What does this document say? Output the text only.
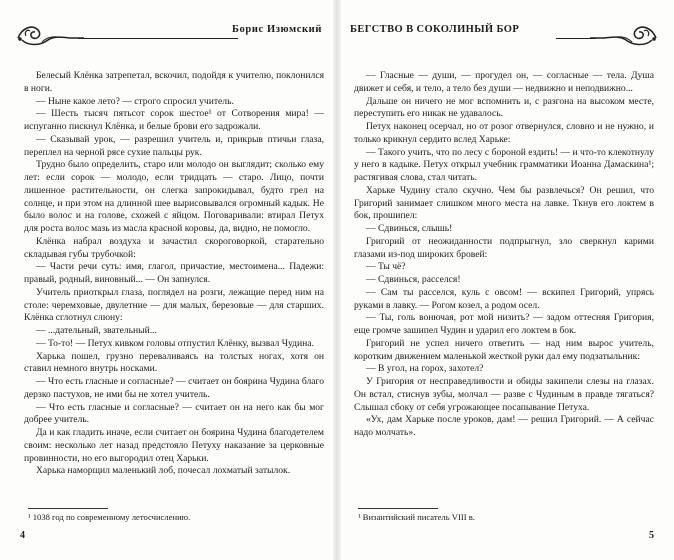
Борис Изюмский

Белесый Клёнка затрепетал, вскочил, подойдя к учителю, поклонился в ноги.

— Ныне какое лето? — строго спросил учитель.

— Шесть тысяч пятьсот сорок шестое¹ от Сотворения мира! — испуганно пискнул Клёнка, и белые брови его задрожали.

— Сказывай урок, — разрешил учитель и, прикрыв птичьи глаза, переплел на черной рясе сухие пальцы рук.

Трудно было определить, старо или молодо он выглядит; сколько ему лет: если сорок — молодо, если тридцать — старо. Лицо, почти лишенное растительности, он слегка запрокидывал, будто грел на солнце, и при этом на длинной шее вырисовывался огромный кадык. Не было волос и на голове, схожей с яйцом. Поговаривали: втирал Петух для роста волос мазь из масла красной коровы, да, видно, не помогло.

Клёнка набрал воздуха и зачастил скороговоркой, старательно складывая губы трубочкой:

— Части речи суть: имя, глагол, причастие, местоимена... Падежи: правый, родный, виновный... — Он запнулся.

Учитель приоткрыл глаза, поглядел на розги, лежащие перед ним на столе: черемховые, двулетние — для малых, березовые — для старших. Клёнка сглотнул слюну:

— ...дательный, звательный...

— То-то! — Петух кивком головы отпустил Клёнку, вызвал Чудина.

Харька пошел, грузно переваливаясь на толстых ногах, хотя он ставил немного внутрь носками.

— Что есть гласные и согласные? — считает он боярина Чудина благо дерзко пастухов, не ими бы не хотел учитель.

— Что есть гласные и согласные? — считает он на него как бы мог добрее учитель.

Да и как гладить иначе, если считает он боярина Чудина благодетелем своим: несколько лет назад предстояло Петуху наказание за церковные провинности, но его выгородил отец Харьки.

Харька наморщил маленький лоб, почесал лохматый затылок.

¹ 1038 год по современному летосчислению.
4
БЕГСТВО В СОКОЛИНЫЙ БОР

— Гласные — души, — прогудел он, — согласные — тела. Душа движет и себя, и тело, а тело без души — недвижно и неподвижно...

Дальше он ничего не мог вспомнить и, с разгона на высоком месте, переступить его никак не удавалось.

Петух наконец осерчал, но от розог отвернулся, словно и не нужно, и только крикнул сердито вслед Харьке:

— Такого учить, что по лесу с бороной ездить! — и что-то клекотнулу у него в кадыке. Петух открыл учебник грамматики Иоанна Дамаскина¹; растягивая слова, стал читать.

Харьке Чудину стало скучно. Чем бы развлечься? Он решил, что Григорий занимает слишком много места на лавке. Ткнув его локтем в бок, прошипел:

— Сдвинься, слышь!

Григорий от неожиданности подпрыгнул, зло сверкнул карими глазами из-под широких бровей:

— Ты чё?

— Сдвинься, расселся!

— Сам ты расселся, куль с овсом! — вскипел Григорий, упрясь руками в лавку. — Рогом козел, а родом осел.

— Ты, голь вонючая, рот мой низить? — задом оттесняя Григория, еще громче зашипел Чудин и ударил его локтем в бок.

Григорий не успел ничего ответить — над ним вырос учитель, коротким движением маленькой жесткой руки дал ему подзатыльник:

— В угол, на горох, захотел?

У Григория от несправедливости и обиды закипели слезы на глазах. Он встал, стиснув зубы, молчал — разве с Чудиным в правде тягаться? Слышал сбоку от себя угрожающее посапывание Петуха.

«Ух, дам Харьке после уроков, дам! — решил Григорий. — А сейчас надо молчать».

¹ Византийский писатель VIII в.
5
